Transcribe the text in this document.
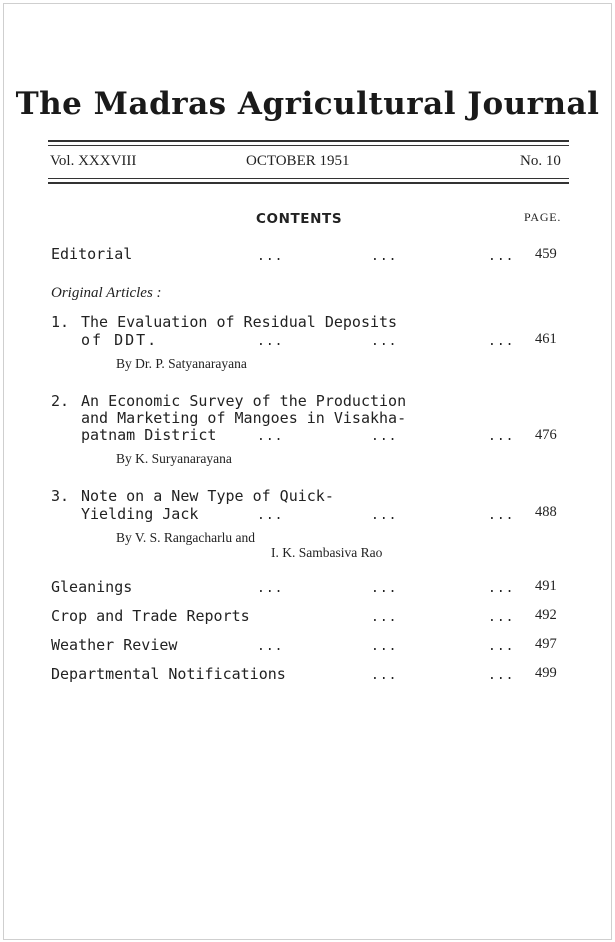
The Madras Agricultural Journal
Vol. XXXVIII	OCTOBER 1951	No. 10
CONTENTS	PAGE.
Editorial	...	...	... 459
Original Articles :
1. The Evaluation of Residual Deposits
of DDT.	...	...	... 461
By Dr. P. Satyanarayana
2. An Economic Survey of the Production
and Marketing of Mangoes in Visakha-
patnam District	...	...	... 476
By K. Suryanarayana
3. Note on a New Type of Quick-
Yielding Jack	...	...	... 488
By V. S. Rangacharlu and
I. K. Sambasiva Rao
Gleanings	...	...	... 491
Crop and Trade Reports	...	... 492
Weather Review	...	...	... 497
Departmental Notifications	...	... 499
